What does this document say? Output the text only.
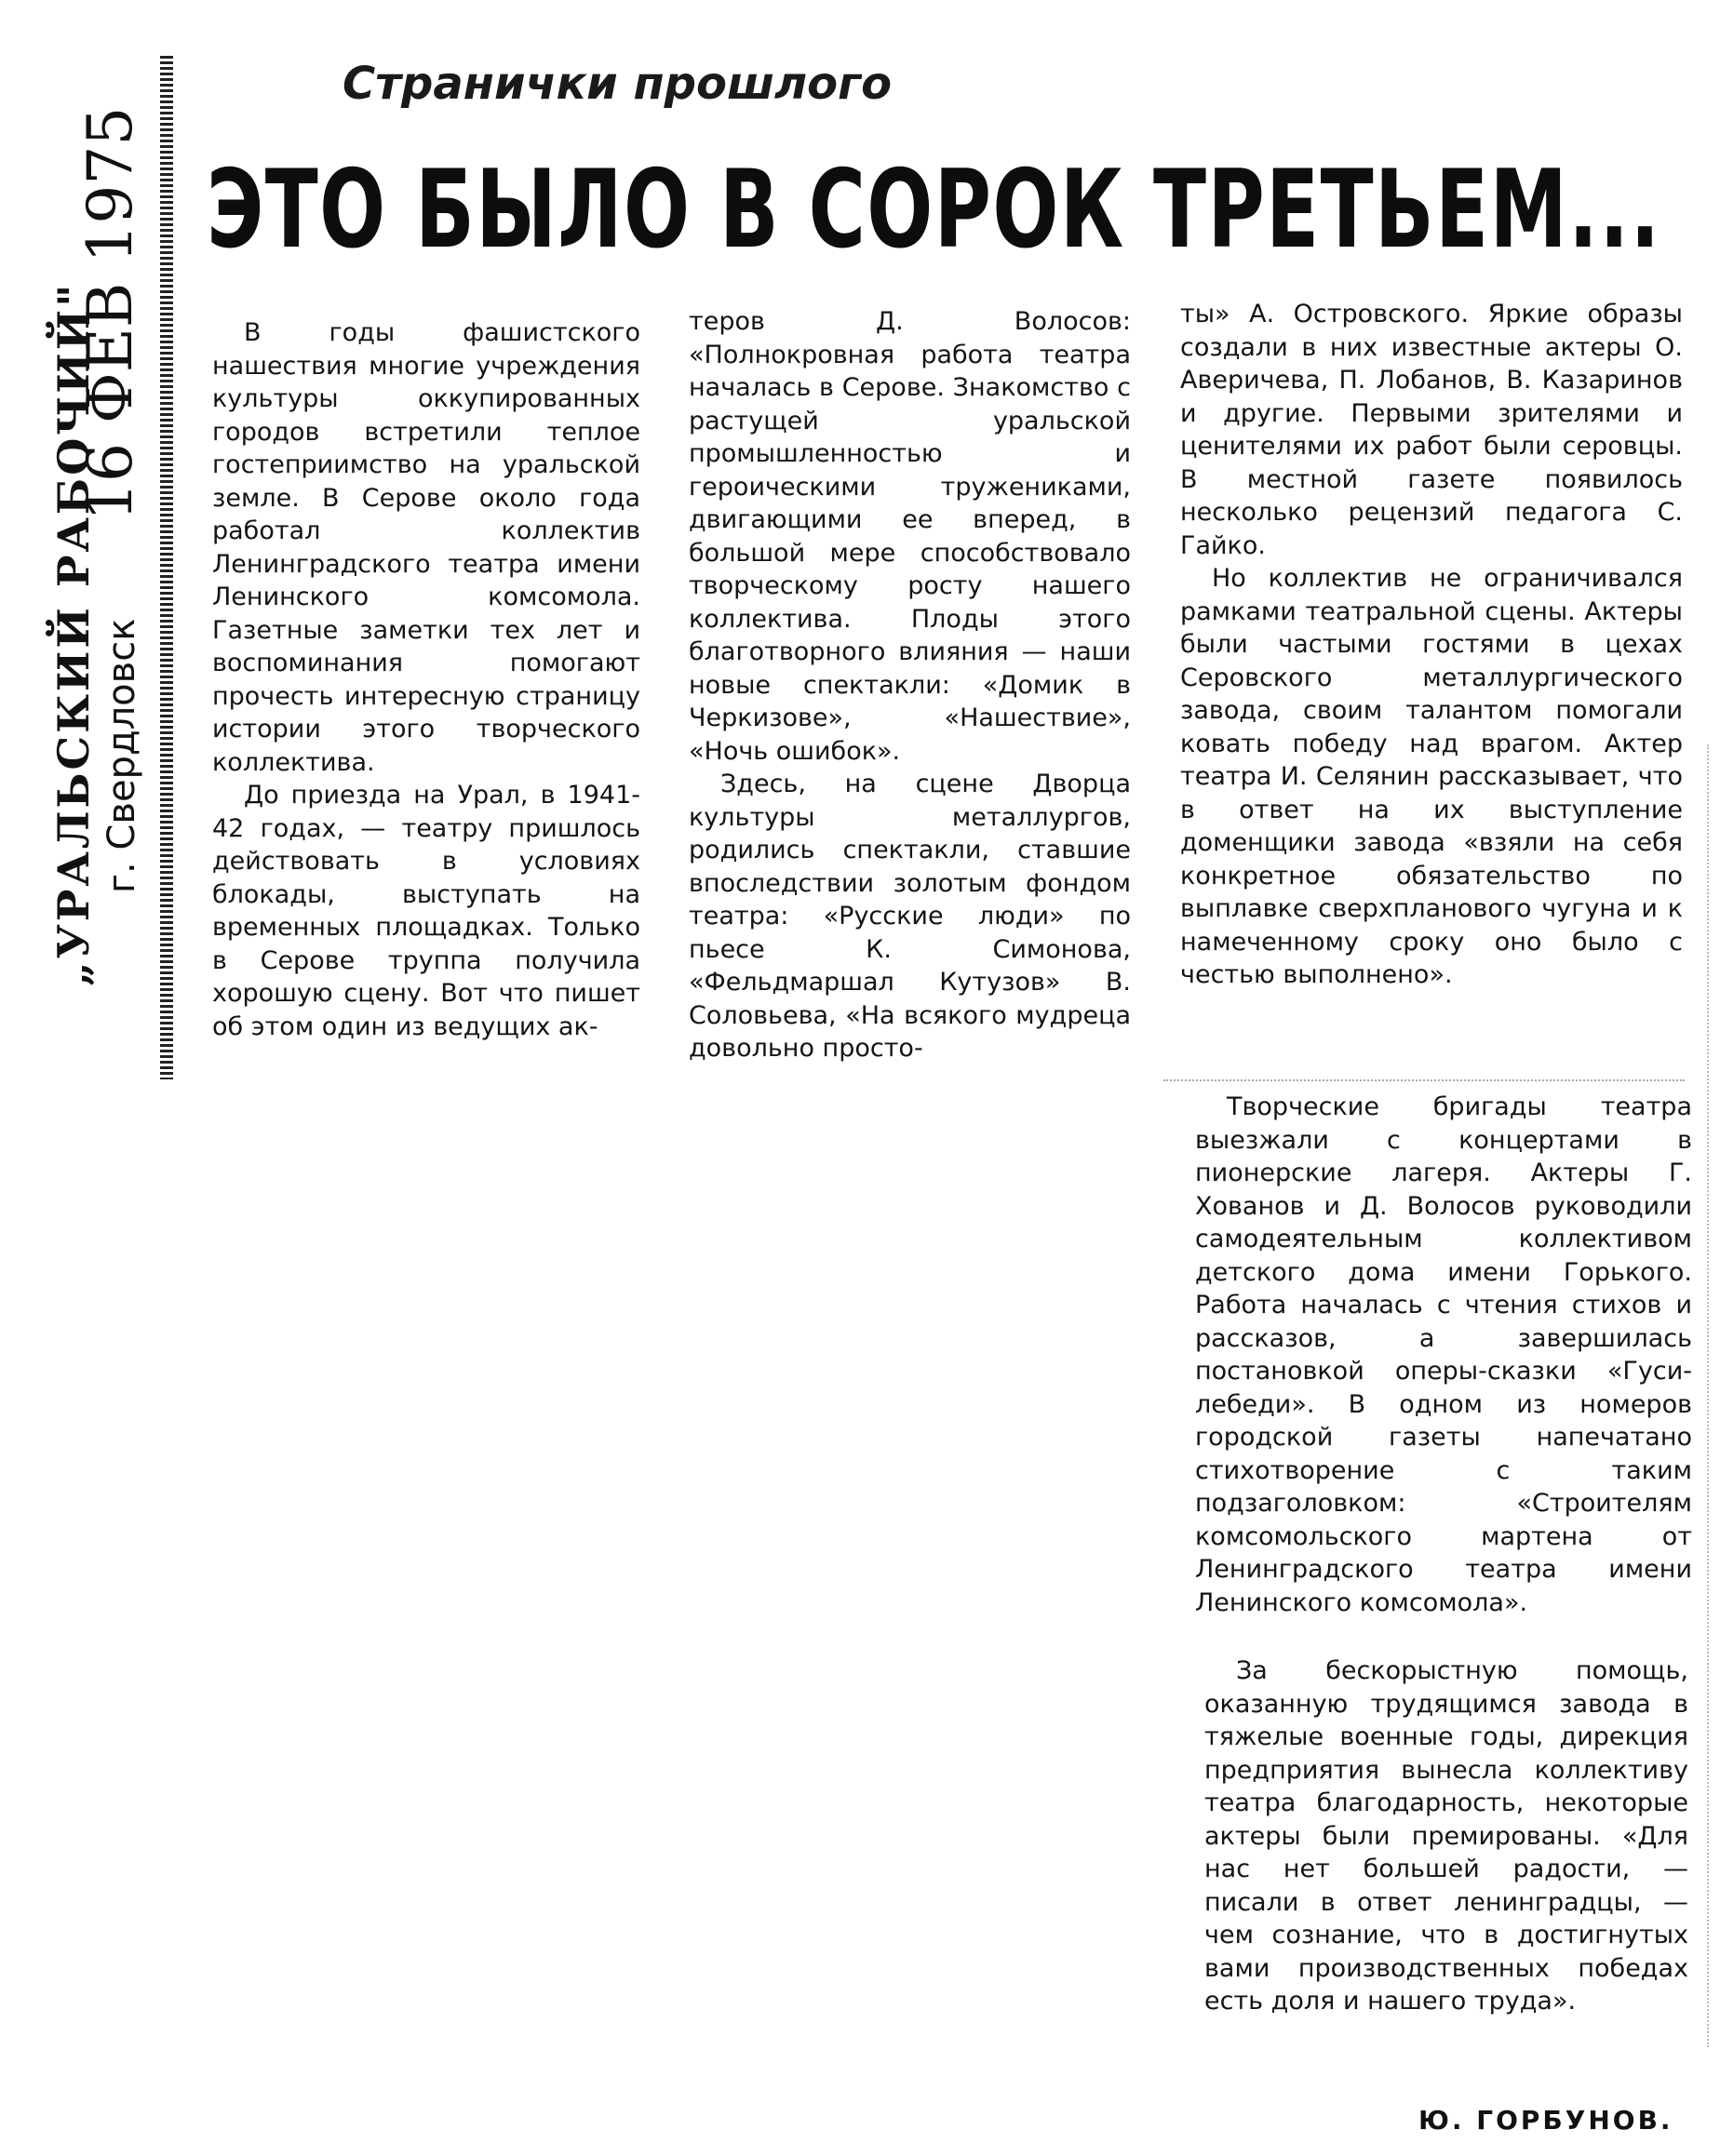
„УРАЛЬСКИЙ РАБОЧИЙ" г. Свердловск
16 ФЕВ 1975
Странички прошлого
ЭТО БЫЛО В СОРОК ТРЕТЬЕМ...

В годы фашистского нашествия многие учреждения культуры оккупированных городов встретили теплое гостеприимство на уральской земле. В Серове около года работал коллектив Ленинградского театра имени Ленинского комсомола. Газетные заметки тех лет и воспоминания помогают прочесть интересную страницу истории этого творческого коллектива.

До приезда на Урал, в 1941-42 годах, — театру пришлось действовать в условиях блокады, выступать на временных площадках. Только в Серове труппа получила хорошую сцену. Вот что пишет об этом один из ведущих ак-

теров Д. Волосов: «Полнокровная работа театра началась в Серове. Знакомство с растущей уральской промышленностью и героическими тружениками, двигающими ее вперед, в большой мере способствовало творческому росту нашего коллектива. Плоды этого благотворного влияния — наши новые спектакли: «Домик в Черкизове», «Нашествие», «Ночь ошибок».

Здесь, на сцене Дворца культуры металлургов, родились спектакли, ставшие впоследствии золотым фондом театра: «Русские люди» по пьесе К. Симонова, «Фельдмаршал Кутузов» В. Соловьева, «На всякого мудреца довольно просто-

ты» А. Островского. Яркие образы создали в них известные актеры О. Аверичева, П. Лобанов, В. Казаринов и другие. Первыми зрителями и ценителями их работ были серовцы. В местной газете появилось несколько рецензий педагога С. Гайко.

Но коллектив не ограничивался рамками театральной сцены. Актеры были частыми гостями в цехах Серовского металлургического завода, своим талантом помогали ковать победу над врагом. Актер театра И. Селянин рассказывает, что в ответ на их выступление доменщики завода «взяли на себя конкретное обязательство по выплавке сверхпланового чугуна и к намеченному сроку оно было с честью выполнено».

Творческие бригады театра выезжали с концертами в пионерские лагеря. Актеры Г. Хованов и Д. Волосов руководили самодеятельным коллективом детского дома имени Горького. Работа началась с чтения стихов и рассказов, а завершилась постановкой оперы-сказки «Гуси-лебеди». В одном из номеров городской газеты напечатано стихотворение с таким подзаголовком: «Строителям комсомольского мартена от Ленинградского театра имени Ленинского комсомола».

За бескорыстную помощь, оказанную трудящимся завода в тяжелые военные годы, дирекция предприятия вынесла коллективу театра благодарность, некоторые актеры были премированы. «Для нас нет большей радости, — писали в ответ ленинградцы, — чем сознание, что в достигнутых вами производственных победах есть доля и нашего труда».

Ю. ГОРБУНОВ.
